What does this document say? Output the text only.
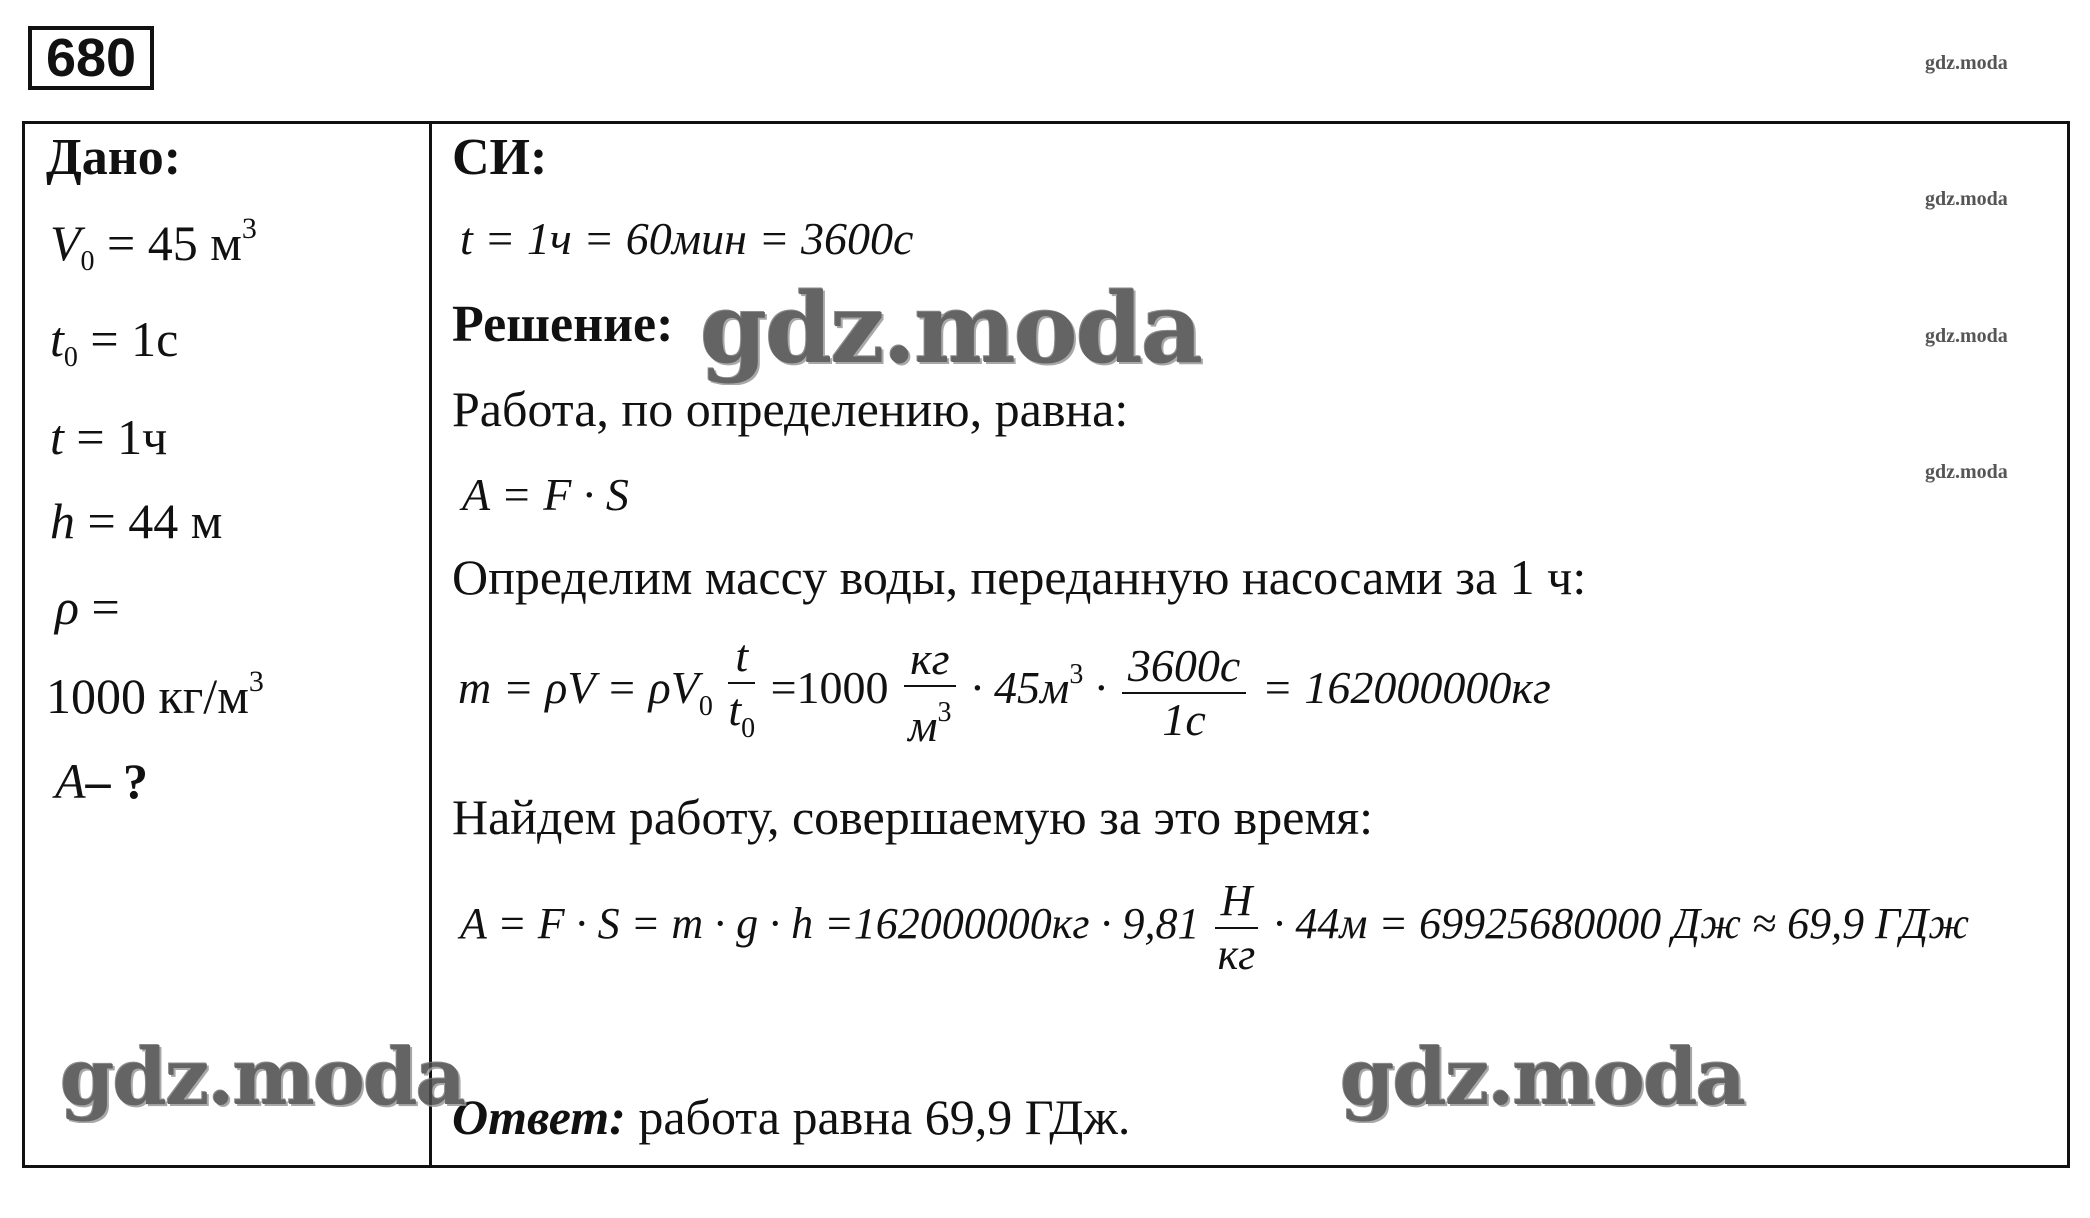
680	gdz.moda
gdz.moda
gdz.moda
gdz.moda
Дано:
$V_0 = 45$ $м^3$
$t_0 = 1с$
t = 1ч
h = 44 м
ρ =
1000 $кг/м^3$
A– ?
СИ:
t = 1ч = 60мин = 3600с
Решение:
Работа, по определению, равна:
A = F · S
Определим массу воды, переданную насосами за 1 ч:
$m = \rho V = \rho V_0 \frac{t}{t_0} =1000 \frac{кг}{м^3} \cdot 45м^3 \cdot \frac{3600с}{1с} = 162000000кг$
Найдем работу, совершаемую за это время:
$A = F \cdot S = m \cdot g \cdot h =162000000кг \cdot 9,81 \frac{Н}{кг} \cdot 44м = 69925680000$ Дж ≈ 69,9 ГДж
Ответ: работа равна 69,9 ГДж.
gdz.moda
gdz.moda	gdz.moda
